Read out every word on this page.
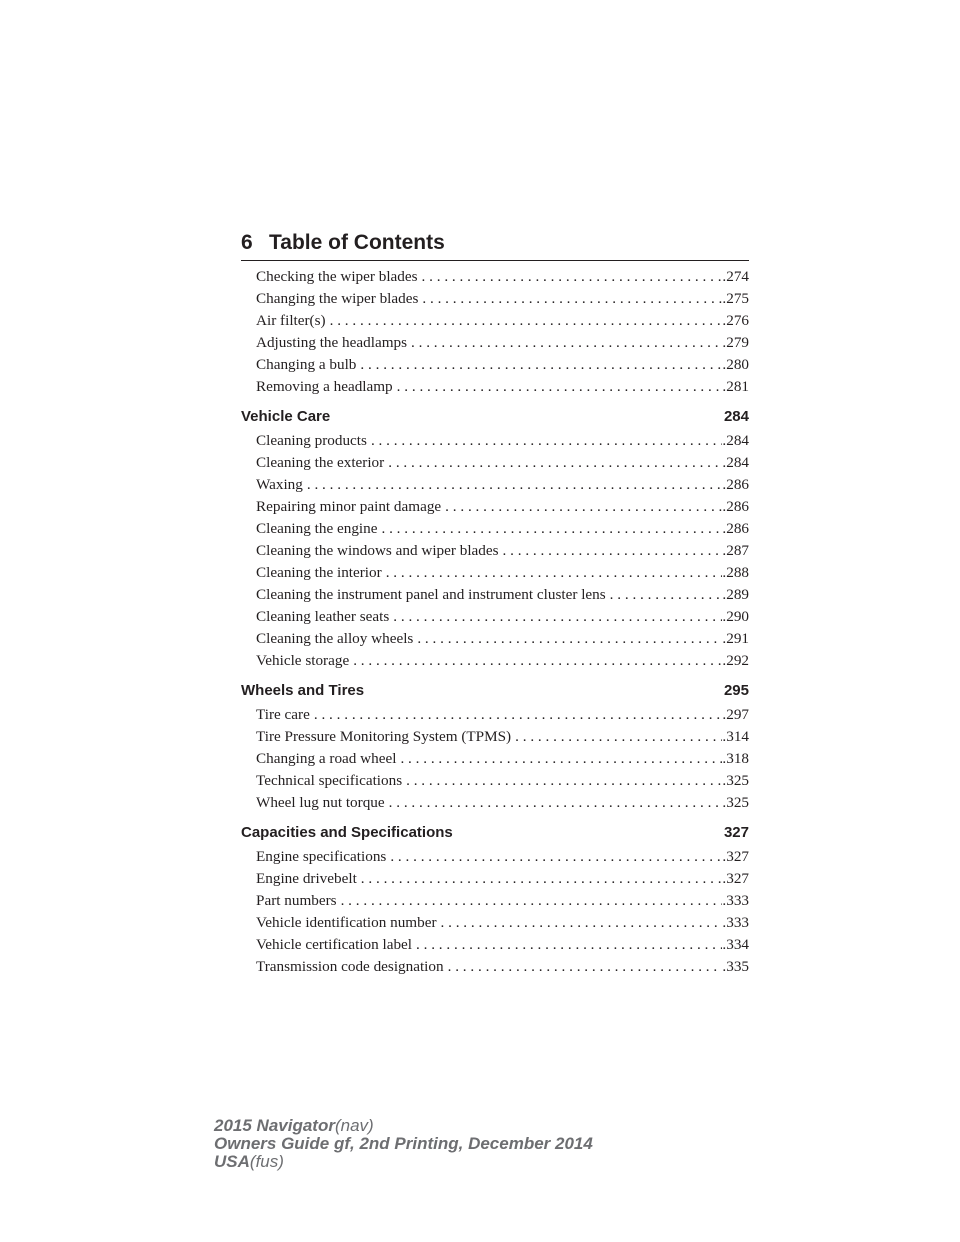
6 Table of Contents
Checking the wiper blades . . .	.274
Changing the wiper blades . . .	.275
Air filter(s) . . .	.276
Adjusting the headlamps . . .	.279
Changing a bulb . . .	.280
Removing a headlamp . . .	.281
Vehicle Care	284
Cleaning products . . .	.284
Cleaning the exterior . . .	.284
Waxing . . .	.286
Repairing minor paint damage . . .	.286
Cleaning the engine . . .	.286
Cleaning the windows and wiper blades . . .	.287
Cleaning the interior . . .	.288
Cleaning the instrument panel and instrument cluster lens . . .	.289
Cleaning leather seats . . .	.290
Cleaning the alloy wheels . . .	.291
Vehicle storage . . .	.292
Wheels and Tires	295
Tire care . . .	.297
Tire Pressure Monitoring System (TPMS) . . .	.314
Changing a road wheel . . .	.318
Technical specifications . . .	.325
Wheel lug nut torque . . .	.325
Capacities and Specifications	327
Engine specifications . . .	.327
Engine drivebelt . . .	.327
Part numbers . . .	.333
Vehicle identification number . . .	.333
Vehicle certification label . . .	.334
Transmission code designation . . .	.335
2015 Navigator(nav)
Owners Guide gf, 2nd Printing, December 2014
USA(fus)
